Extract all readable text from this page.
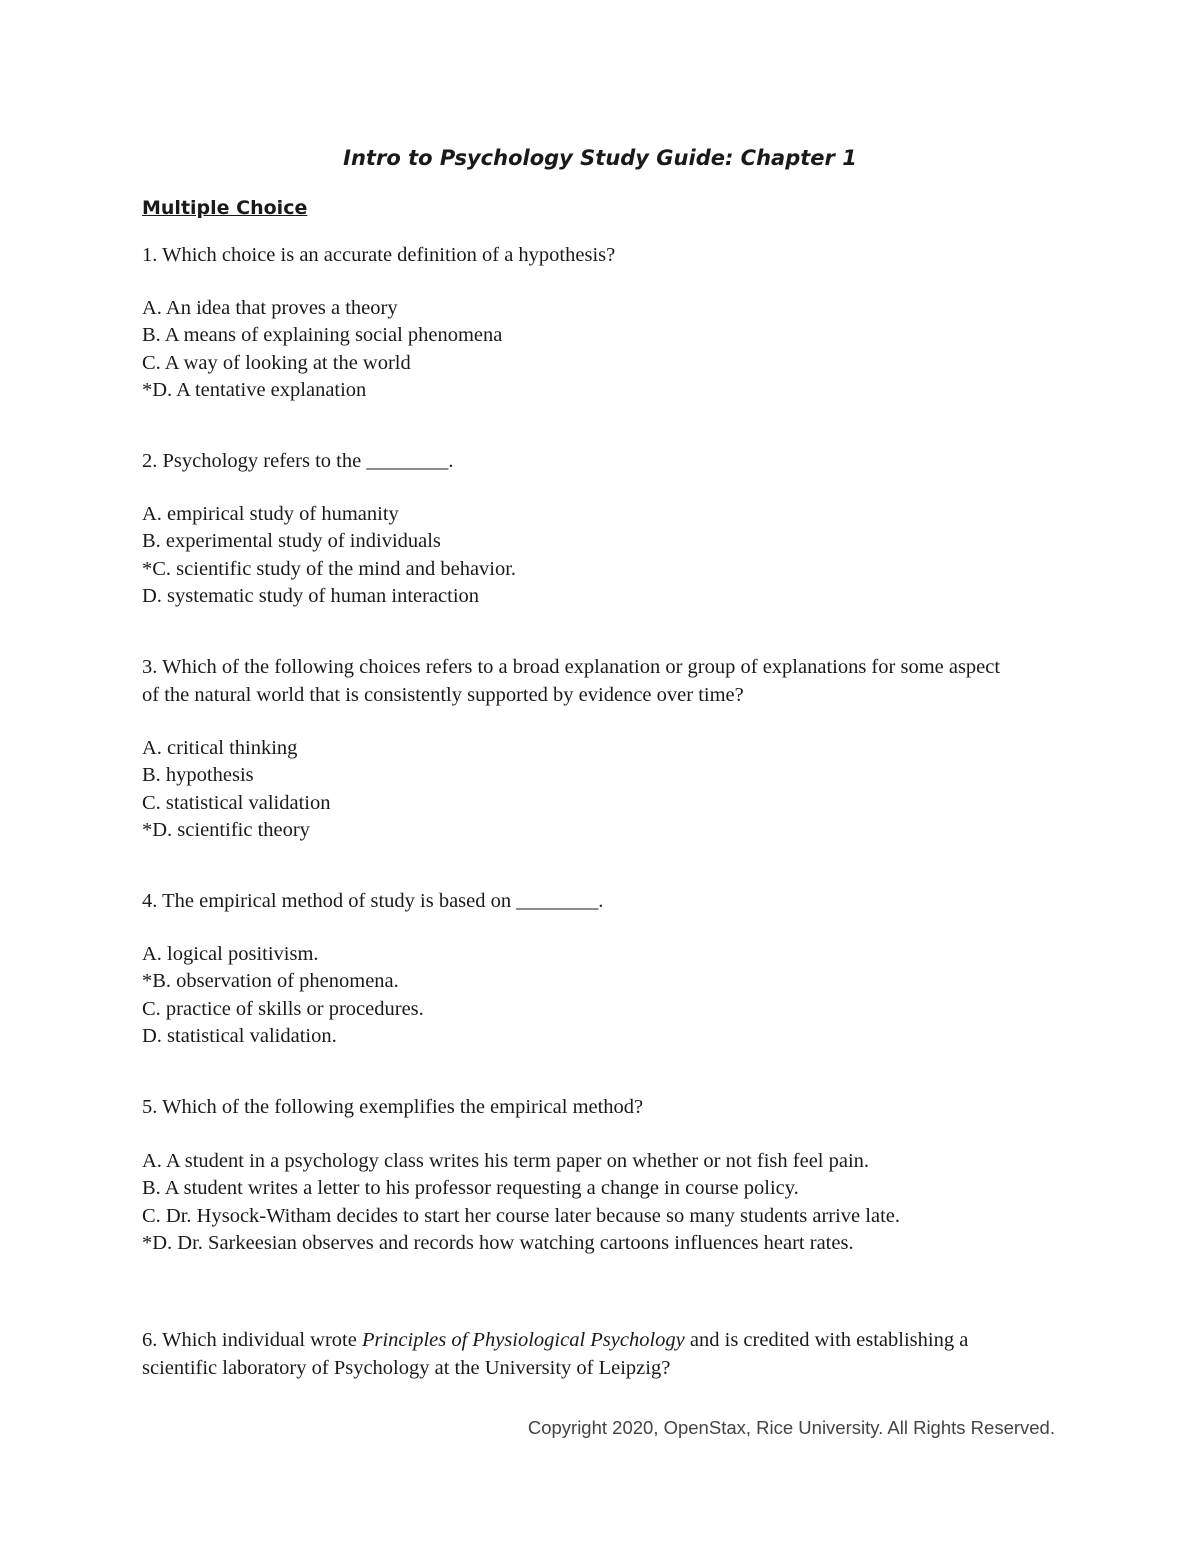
Intro to Psychology Study Guide: Chapter 1
Multiple Choice

1. Which choice is an accurate definition of a hypothesis?

A. An idea that proves a theory
B. A means of explaining social phenomena
C. A way of looking at the world
*D. A tentative explanation

2. Psychology refers to the ________.

A. empirical study of humanity
B. experimental study of individuals
*C. scientific study of the mind and behavior.
D. systematic study of human interaction

3. Which of the following choices refers to a broad explanation or group of explanations for some aspect of the natural world that is consistently supported by evidence over time?

A. critical thinking
B. hypothesis
C. statistical validation
*D. scientific theory

4. The empirical method of study is based on ________.

A. logical positivism.
*B. observation of phenomena.
C. practice of skills or procedures.
D. statistical validation.

5. Which of the following exemplifies the empirical method?

A. A student in a psychology class writes his term paper on whether or not fish feel pain.
B. A student writes a letter to his professor requesting a change in course policy.
C. Dr. Hysock-Witham decides to start her course later because so many students arrive late.
*D. Dr. Sarkeesian observes and records how watching cartoons influences heart rates.

6. Which individual wrote Principles of Physiological Psychology and is credited with establishing a scientific laboratory of Psychology at the University of Leipzig?

Copyright 2020, OpenStax, Rice University. All Rights Reserved.
